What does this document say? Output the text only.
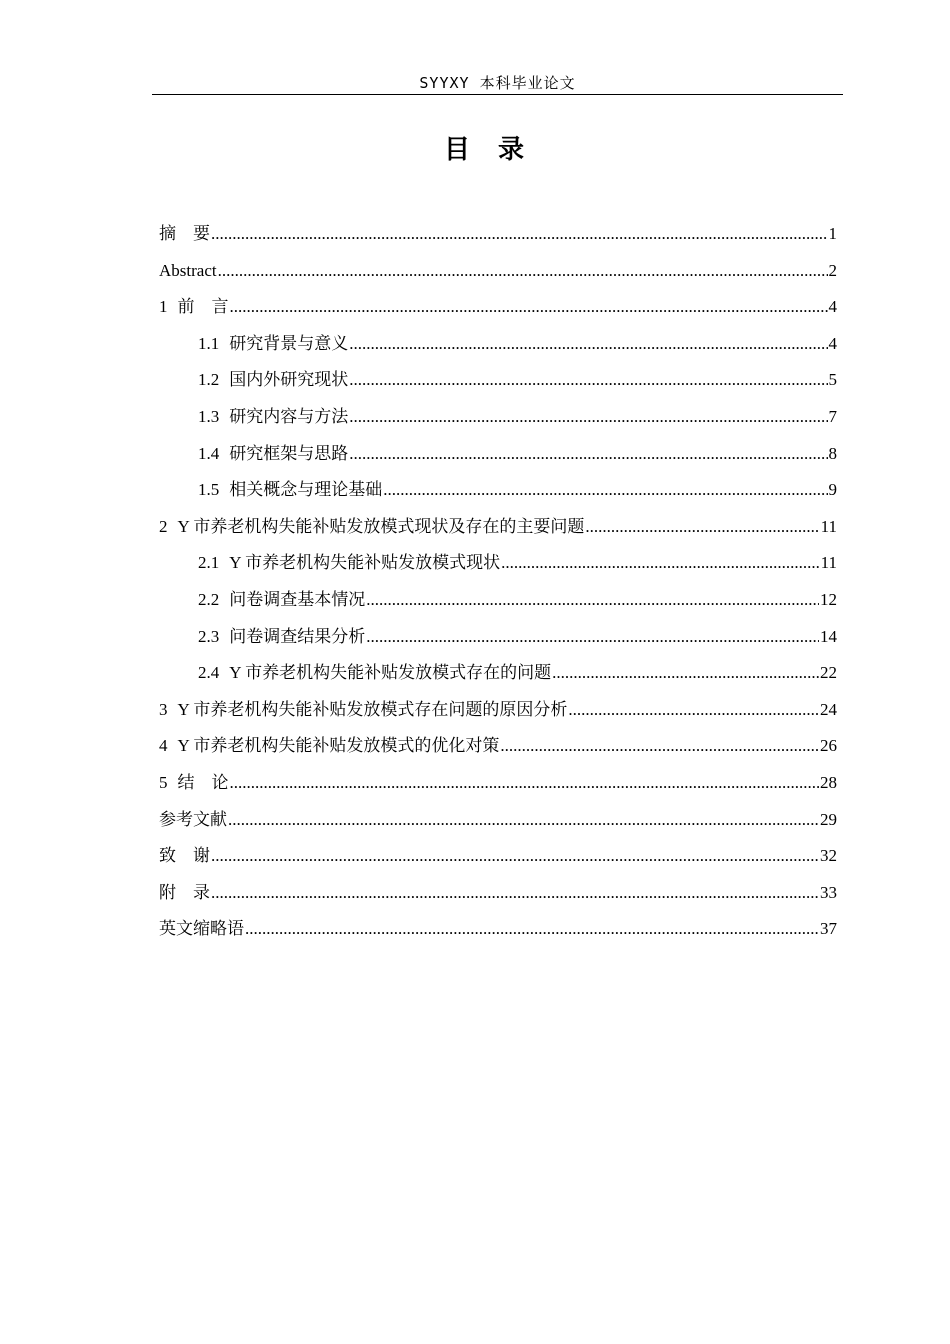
SYYXY 本科毕业论文
目录
摘　要 .....	1
Abstract .....	2
1 前　言 .....	4
1.1 研究背景与意义 .....	4
1.2 国内外研究现状 .....	5
1.3 研究内容与方法 .....	7
1.4 研究框架与思路 .....	8
1.5 相关概念与理论基础 .....	9
2 Y 市养老机构失能补贴发放模式现状及存在的主要问题 .....	11
2.1 Y 市养老机构失能补贴发放模式现状 .....	11
2.2 问卷调查基本情况 .....	12
2.3 问卷调查结果分析 .....	14
2.4 Y 市养老机构失能补贴发放模式存在的问题 .....	22
3 Y 市养老机构失能补贴发放模式存在问题的原因分析 .....	24
4 Y 市养老机构失能补贴发放模式的优化对策 .....	26
5 结　论 .....	28
参考文献 .....	29
致　谢 .....	32
附　录 .....	33
英文缩略语 .....	37
